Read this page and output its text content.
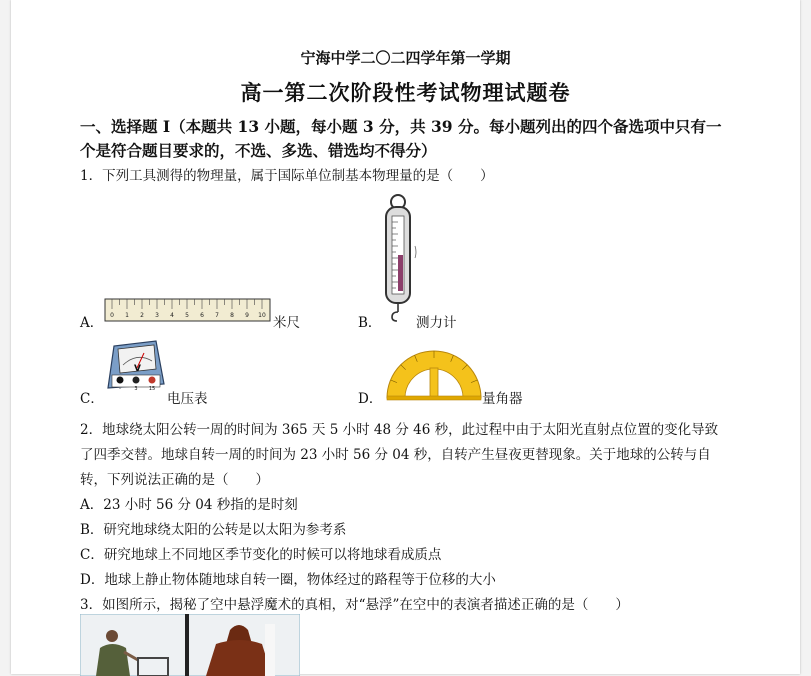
宁海中学二〇二四学年第一学期
高一第二次阶段性考试物理试题卷
一、选择题 I（本题共 13 小题，每小题 3 分，共 39 分。每小题列出的四个备选项中只有一
个是符合题目要求的，不选、多选、错选均不得分）
1．下列工具测得的物理量，属于国际单位制基本物理量的是（　　）
A． 0 1 2 3 4 5 6 7 8 9 10 米尺	B．	测力计
C．
V
-	3 15
电压表	D．	量角器
2．地球绕太阳公转一周的时间为 365 天 5 小时 48 分 46 秒，此过程中由于太阳光直射点位置的变化导致
了四季交替。地球自转一周的时间为 23 小时 56 分 04 秒，自转产生昼夜更替现象。关于地球的公转与自
转，下列说法正确的是（　　）
A．23 小时 56 分 04 秒指的是时刻
B．研究地球绕太阳的公转是以太阳为参考系
C．研究地球上不同地区季节变化的时候可以将地球看成质点
D．地球上静止物体随地球自转一圈，物体经过的路程等于位移的大小
3．如图所示，揭秘了空中悬浮魔术的真相，对“悬浮”在空中的表演者描述正确的是（　　）
